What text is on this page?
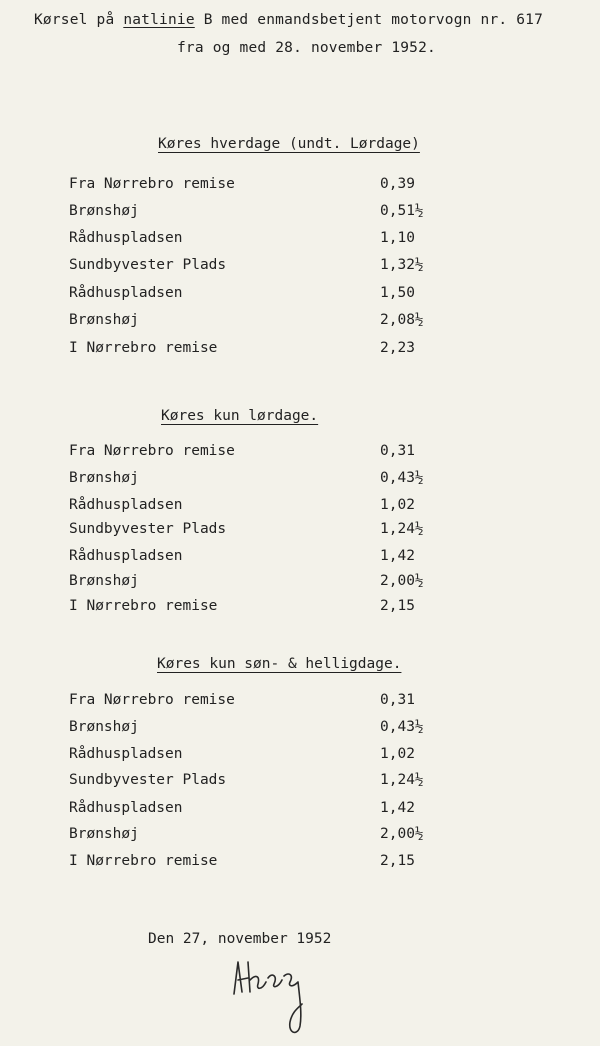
Kørsel på natlinie B med enmandsbetjent motorvogn nr. 617
fra og med 28. november 1952.
Køres hverdage (undt. Lørdage)
Fra Nørrebro remise	0,39
Brønshøj	0,51½
Rådhuspladsen	1,10
Sundbyvester Plads	1,32½
Rådhuspladsen	1,50
Brønshøj	2,08½
I Nørrebro remise	2,23
Køres kun lørdage.
Fra Nørrebro remise	0,31
Brønshøj	0,43½
Rådhuspladsen	1,02
Sundbyvester Plads	1,24½
Rådhuspladsen	1,42
Brønshøj	2,00½
I Nørrebro remise	2,15
Køres kun søn- & helligdage.
Fra Nørrebro remise	0,31
Brønshøj	0,43½
Rådhuspladsen	1,02
Sundbyvester Plads	1,24½
Rådhuspladsen	1,42
Brønshøj	2,00½
I Nørrebro remise	2,15
Den 27, november 1952
